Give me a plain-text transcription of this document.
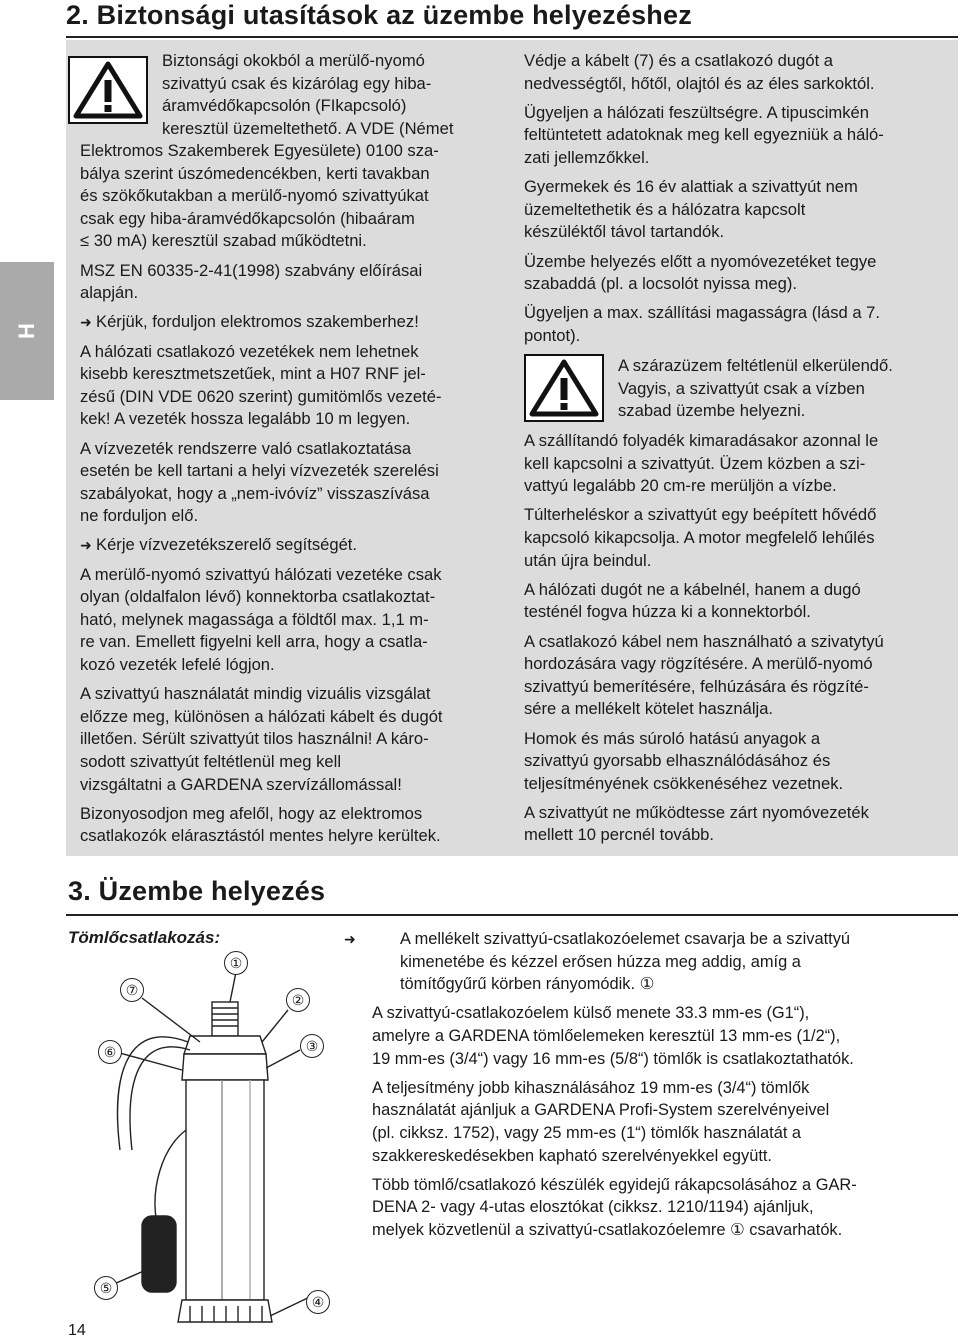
2. Biztonsági utasítások az üzembe helyezéshez
H
Biztonsági okokból a merülő-nyomó
szivattyú csak és kizárólag egy hiba-
áramvédőkapcsolón (FIkapcsoló)
keresztül üzemeltethető. A VDE (Német

Elektromos Szakemberek Egyesülete) 0100 sza-
bálya szerint úszómedencékben, kerti tavakban
és szökőkutakban a merülő-nyomó szivattyúkat
csak egy hiba-áramvédőkapcsolón (hibaáram
≤ 30 mA) keresztül szabad működtetni.

MSZ EN 60335-2-41(1998) szabvány előírásai
alapján.

➜ Kérjük, forduljon elektromos szakemberhez!

A hálózati csatlakozó vezetékek nem lehetnek
kisebb keresztmetszetűek, mint a H07 RNF jel-
zésű (DIN VDE 0620 szerint) gumitömlős vezeté-
kek! A vezeték hossza legalább 10 m legyen.

A vízvezeték rendszerre való csatlakoztatása
esetén be kell tartani a helyi vízvezeték szerelési
szabályokat, hogy a „nem-ivóvíz” visszaszívása
ne forduljon elő.

➜ Kérje vízvezetékszerelő segítségét.

A merülő-nyomó szivattyú hálózati vezetéke csak
olyan (oldalfalon lévő) konnektorba csatlakoztat-
ható, melynek magassága a földtől max. 1,1 m-
re van. Emellett figyelni kell arra, hogy a csatla-
kozó vezeték lefelé lógjon.

A szivattyú használatát mindig vizuális vizsgálat
előzze meg, különösen a hálózati kábelt és dugót
illetően. Sérült szivattyút tilos használni! A káro-
sodott szivattyút feltétlenül meg kell
vizsgáltatni a GARDENA szervízállomással!

Bizonyosodjon meg afelől, hogy az elektromos
csatlakozók elárasztástól mentes helyre kerültek.

Védje a kábelt (7) és a csatlakozó dugót a
nedvességtől, hőtől, olajtól és az éles sarkoktól.

Ügyeljen a hálózati feszültségre. A tipuscimkén
feltüntetett adatoknak meg kell egyezniük a háló-
zati jellemzőkkel.

Gyermekek és 16 év alattiak a szivattyút nem
üzemeltethetik és a hálózatra kapcsolt
készüléktől távol tartandók.

Üzembe helyezés előtt a nyomóvezetéket tegye
szabaddá (pl. a locsolót nyissa meg).

Ügyeljen a max. szállítási magasságra (lásd a 7.
pontot).

A szárazüzem feltétlenül elkerülendő.
Vagyis, a szivattyút csak a vízben
szabad üzembe helyezni.

A szállítandó folyadék kimaradásakor azonnal le
kell kapcsolni a szivattyút. Üzem közben a szi-
vattyú legalább 20 cm-re merüljön a vízbe.

Túlterheléskor a szivattyút egy beépített hővédő
kapcsoló kikapcsolja. A motor megfelelő lehűlés
után újra beindul.

A hálózati dugót ne a kábelnél, hanem a dugó
testénél fogva húzza ki a konnektorból.

A csatlakozó kábel nem használható a szivatytyú
hordozására vagy rögzítésére. A merülő-nyomó
szivattyú bemerítésére, felhúzására és rögzíté-
sére a mellékelt kötelet használja.

Homok és más súroló hatású anyagok a
szivattyú gyorsabb elhasználódásához és
teljesítményének csökkenéséhez vezetnek.

A szivattyút ne működtesse zárt nyomóvezeték
mellett 10 percnél tovább.

3. Üzembe helyezés
Tömlőcsatlakozás:
①
②
③
④
⑤
⑥
⑦

➜	A mellékelt szivattyú-csatlakozóelemet csavarja be a szivattyú
kimenetébe és kézzel erősen húzza meg addig, amíg a
tömítőgyűrű körben rányomódik. ①

A szivattyú-csatlakozóelem külső menete 33.3 mm-es (G1“),
amelyre a GARDENA tömlőelemeken keresztül 13 mm-es (1/2“),
19 mm-es (3/4“) vagy 16 mm-es (5/8“) tömlők is csatlakoztathatók.

A teljesítmény jobb kihasználásához 19 mm-es (3/4“) tömlők
használatát ajánljuk a GARDENA Profi-System szerelvényeivel
(pl. cikksz. 1752), vagy 25 mm-es (1“) tömlők használatát a
szakkereskedésekben kapható szerelvényekkel együtt.

Több tömlő/csatlakozó készülék egyidejű rákapcsolásához a GAR-
DENA 2- vagy 4-utas elosztókat (cikksz. 1210/1194) ajánljuk,
melyek közvetlenül a szivattyú-csatlakozóelemre ① csavarhatók.

14
